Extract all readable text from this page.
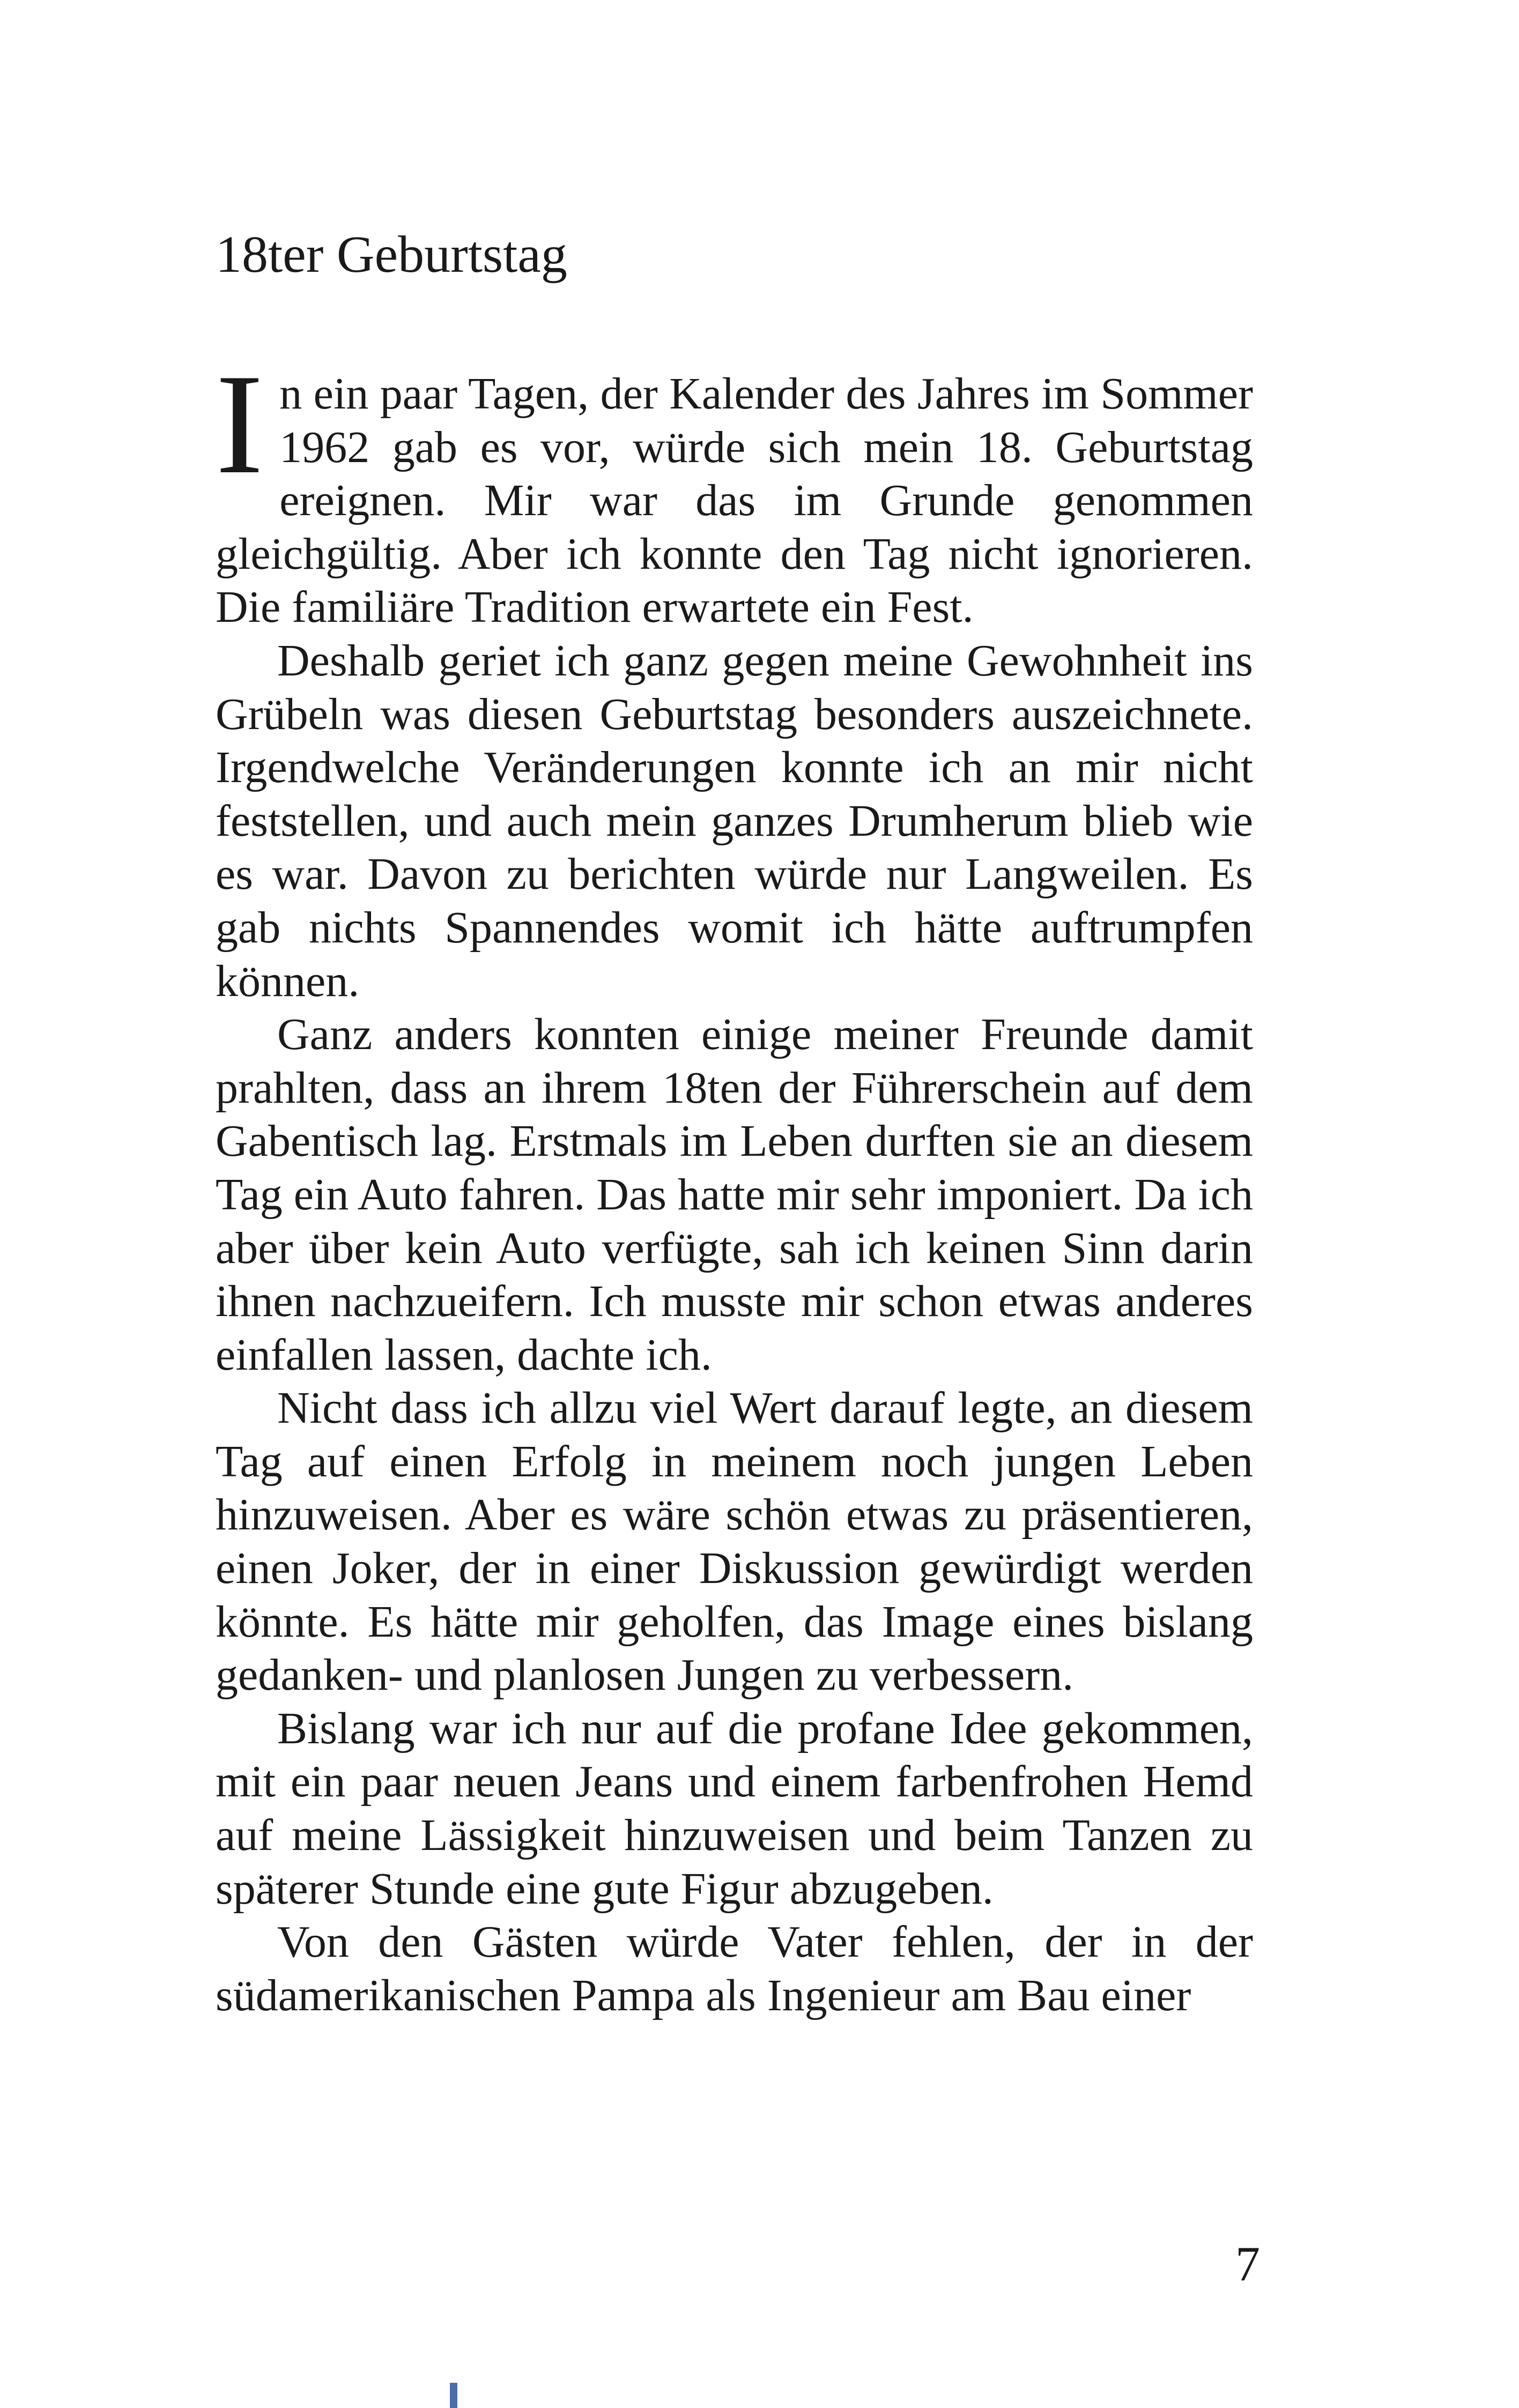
18ter Geburtstag

In ein paar Tagen, der Kalender des Jahres im Sommer 1962 gab es vor, würde sich mein 18. Geburtstag ereignen. Mir war das im Grunde genommen gleichgültig. Aber ich konnte den Tag nicht ignorieren. Die familiäre Tradition erwartete ein Fest.

Deshalb geriet ich ganz gegen meine Gewohnheit ins Grübeln was diesen Geburtstag besonders auszeichnete. Irgendwelche Veränderungen konnte ich an mir nicht feststellen, und auch mein ganzes Drumherum blieb wie es war. Davon zu berichten würde nur Langweilen. Es gab nichts Spannendes womit ich hätte auftrumpfen können.

Ganz anders konnten einige meiner Freunde damit prahlten, dass an ihrem 18ten der Führerschein auf dem Gabentisch lag. Erstmals im Leben durften sie an diesem Tag ein Auto fahren. Das hatte mir sehr imponiert. Da ich aber über kein Auto verfügte, sah ich keinen Sinn darin ihnen nachzueifern. Ich musste mir schon etwas anderes einfallen lassen, dachte ich.

Nicht dass ich allzu viel Wert darauf legte, an diesem Tag auf einen Erfolg in meinem noch jungen Leben hinzuweisen. Aber es wäre schön etwas zu präsentieren, einen Joker, der in einer Diskussion gewürdigt werden könnte. Es hätte mir geholfen, das Image eines bislang gedanken- und planlosen Jungen zu verbessern.

Bislang war ich nur auf die profane Idee gekommen, mit ein paar neuen Jeans und einem farbenfrohen Hemd auf meine Lässigkeit hinzuweisen und beim Tanzen zu späterer Stunde eine gute Figur abzugeben.

Von den Gästen würde Vater fehlen, der in der südamerikanischen Pampa als Ingenieur am Bau einer

7
